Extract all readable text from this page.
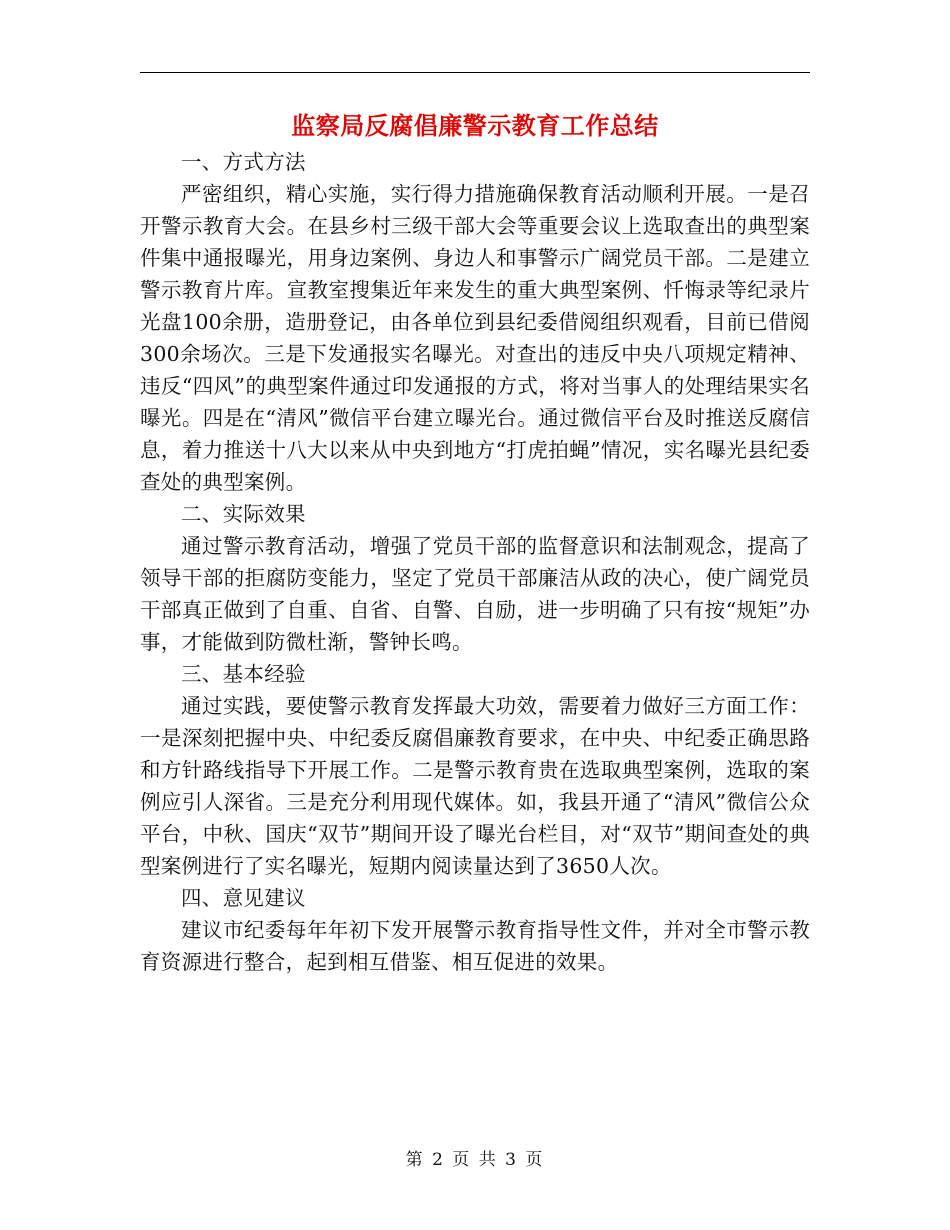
监察局反腐倡廉警示教育工作总结

一、方式方法

严密组织，精心实施，实行得力措施确保教育活动顺利开展。一是召开警示教育大会。在县乡村三级干部大会等重要会议上选取查出的典型案件集中通报曝光，用身边案例、身边人和事警示广阔党员干部。二是建立警示教育片库。宣教室搜集近年来发生的重大典型案例、忏悔录等纪录片光盘100余册，造册登记，由各单位到县纪委借阅组织观看，目前已借阅300余场次。三是下发通报实名曝光。对查出的违反中央八项规定精神、违反“四风”的典型案件通过印发通报的方式，将对当事人的处理结果实名曝光。四是在“清风”微信平台建立曝光台。通过微信平台及时推送反腐信息，着力推送十八大以来从中央到地方“打虎拍蝇”情况，实名曝光县纪委查处的典型案例。

二、实际效果

通过警示教育活动，增强了党员干部的监督意识和法制观念，提高了领导干部的拒腐防变能力，坚定了党员干部廉洁从政的决心，使广阔党员干部真正做到了自重、自省、自警、自励，进一步明确了只有按“规矩”办事，才能做到防微杜渐，警钟长鸣。

三、基本经验

通过实践，要使警示教育发挥最大功效，需要着力做好三方面工作：一是深刻把握中央、中纪委反腐倡廉教育要求，在中央、中纪委正确思路和方针路线指导下开展工作。二是警示教育贵在选取典型案例，选取的案例应引人深省。三是充分利用现代媒体。如，我县开通了“清风”微信公众平台，中秋、国庆“双节”期间开设了曝光台栏目，对“双节”期间查处的典型案例进行了实名曝光，短期内阅读量达到了3650人次。

四、意见建议

建议市纪委每年年初下发开展警示教育指导性文件，并对全市警示教育资源进行整合，起到相互借鉴、相互促进的效果。

第 2 页 共 3 页
